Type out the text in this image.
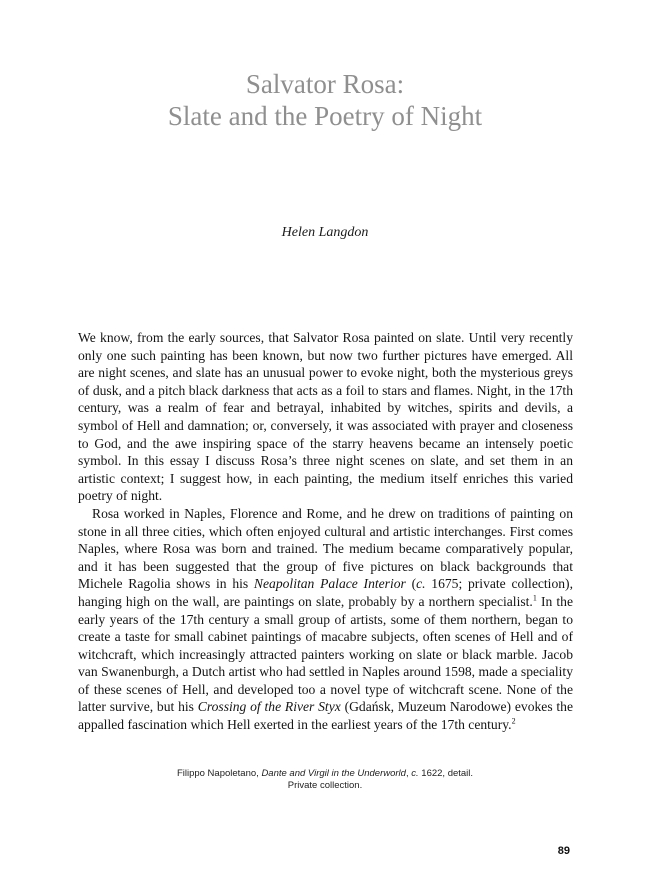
Salvator Rosa:
Slate and the Poetry of Night
Helen Langdon

We know, from the early sources, that Salvator Rosa painted on slate. Until very recently only one such painting has been known, but now two further pictures have emerged. All are night scenes, and slate has an unusual power to evoke night, both the mysterious greys of dusk, and a pitch black darkness that acts as a foil to stars and flames. Night, in the 17th century, was a realm of fear and betrayal, inhabited by witches, spirits and devils, a symbol of Hell and damnation; or, conversely, it was associated with prayer and closeness to God, and the awe inspiring space of the starry heavens became an intensely poetic symbol. In this essay I discuss Rosa’s three night scenes on slate, and set them in an artistic context; I suggest how, in each painting, the medium itself enriches this varied poetry of night.

Rosa worked in Naples, Florence and Rome, and he drew on traditions of painting on stone in all three cities, which often enjoyed cultural and artistic interchanges. First comes Naples, where Rosa was born and trained. The medium became comparatively popular, and it has been suggested that the group of five pictures on black backgrounds that Michele Ragolia shows in his Neapolitan Palace Interior (c. 1675; private collection), hanging high on the wall, are paintings on slate, probably by a northern specialist.$^1$ In the early years of the 17th century a small group of artists, some of them northern, began to create a taste for small cabinet paintings of macabre subjects, often scenes of Hell and of witchcraft, which increasingly attracted painters working on slate or black marble. Jacob van Swanenburgh, a Dutch artist who had settled in Naples around 1598, made a speciality of these scenes of Hell, and developed too a novel type of witchcraft scene. None of the latter survive, but his Crossing of the River Styx (Gdańsk, Muzeum Narodowe) evokes the appalled fascination which Hell exerted in the earliest years of the 17th century.$^2$

Filippo Napoletano, Dante and Virgil in the Underworld, c. 1622, detail.
Private collection.
89
